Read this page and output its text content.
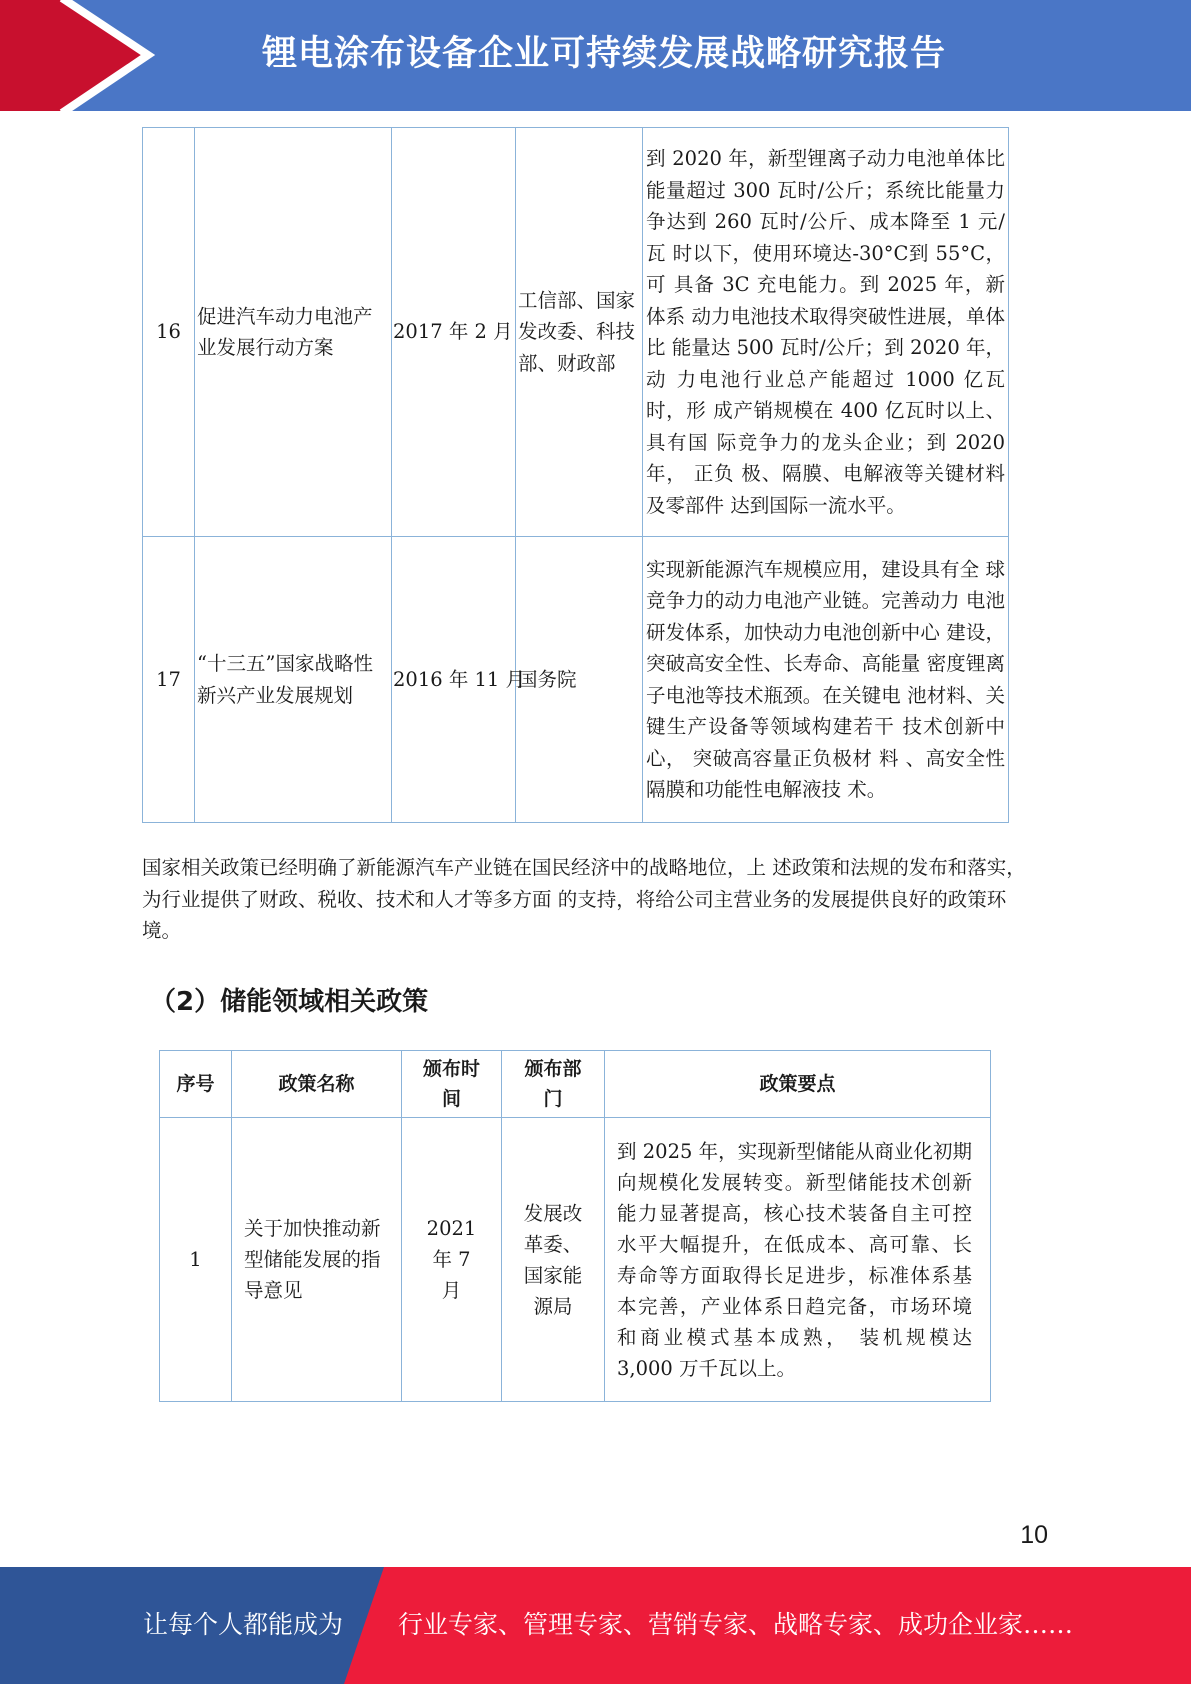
锂电涂布设备企业可持续发展战略研究报告
16	促进汽车动力电池产 业发展行动方案	2017 年 2 月	工信部、国家发改委、科技部、财政部	到 2020 年，新型锂离子动力电池单体比 能量超过 300 瓦时/公斤；系统比能量力 争达到 260 瓦时/公斤、成本降至 1 元/瓦 时以下，使用环境达-30°C到 55°C，可 具备 3C 充电能力。到 2025 年，新体系 动力电池技术取得突破性进展，单体比 能量达 500 瓦时/公斤；到 2020 年， 动 力电池行业总产能超过 1000 亿瓦时，形 成产销规模在 400 亿瓦时以上、具有国 际竞争力的龙头企业；到 2020 年， 正负 极、隔膜、电解液等关键材料及零部件 达到国际一流水平。
17	“十三五”国家战略性 新兴产业发展规划	2016 年 11 月	国务院	实现新能源汽车规模应用，建设具有全 球竞争力的动力电池产业链。完善动力 电池研发体系，加快动力电池创新中心 建设，突破高安全性、长寿命、高能量 密度锂离子电池等技术瓶颈。在关键电 池材料、关键生产设备等领域构建若干 技术创新中心， 突破高容量正负极材 料 、高安全性隔膜和功能性电解液技 术。
国家相关政策已经明确了新能源汽车产业链在国民经济中的战略地位，上 述政策和法规的发布和落实，为行业提供了财政、税收、技术和人才等多方面 的支持，将给公司主营业务的发展提供良好的政策环境。
（2）储能领域相关政策
序号	政策名称	颁布时间	颁布部门	政策要点
1	关于加快推动新 型储能发展的指 导意见	2021 年 7 月	发展改革委、国家能源局	到 2025 年，实现新型储能从商业化初期 向规模化发展转变。新型储能技术创新 能力显著提高，核心技术装备自主可控 水平大幅提升，在低成本、高可靠、长 寿命等方面取得长足进步，标准体系基 本完善，产业体系日趋完备，市场环境 和商业模式基本成熟， 装机规模达 3,000 万千瓦以上。
10
让每个人都能成为 行业专家、管理专家、营销专家、战略专家、成功企业家……
